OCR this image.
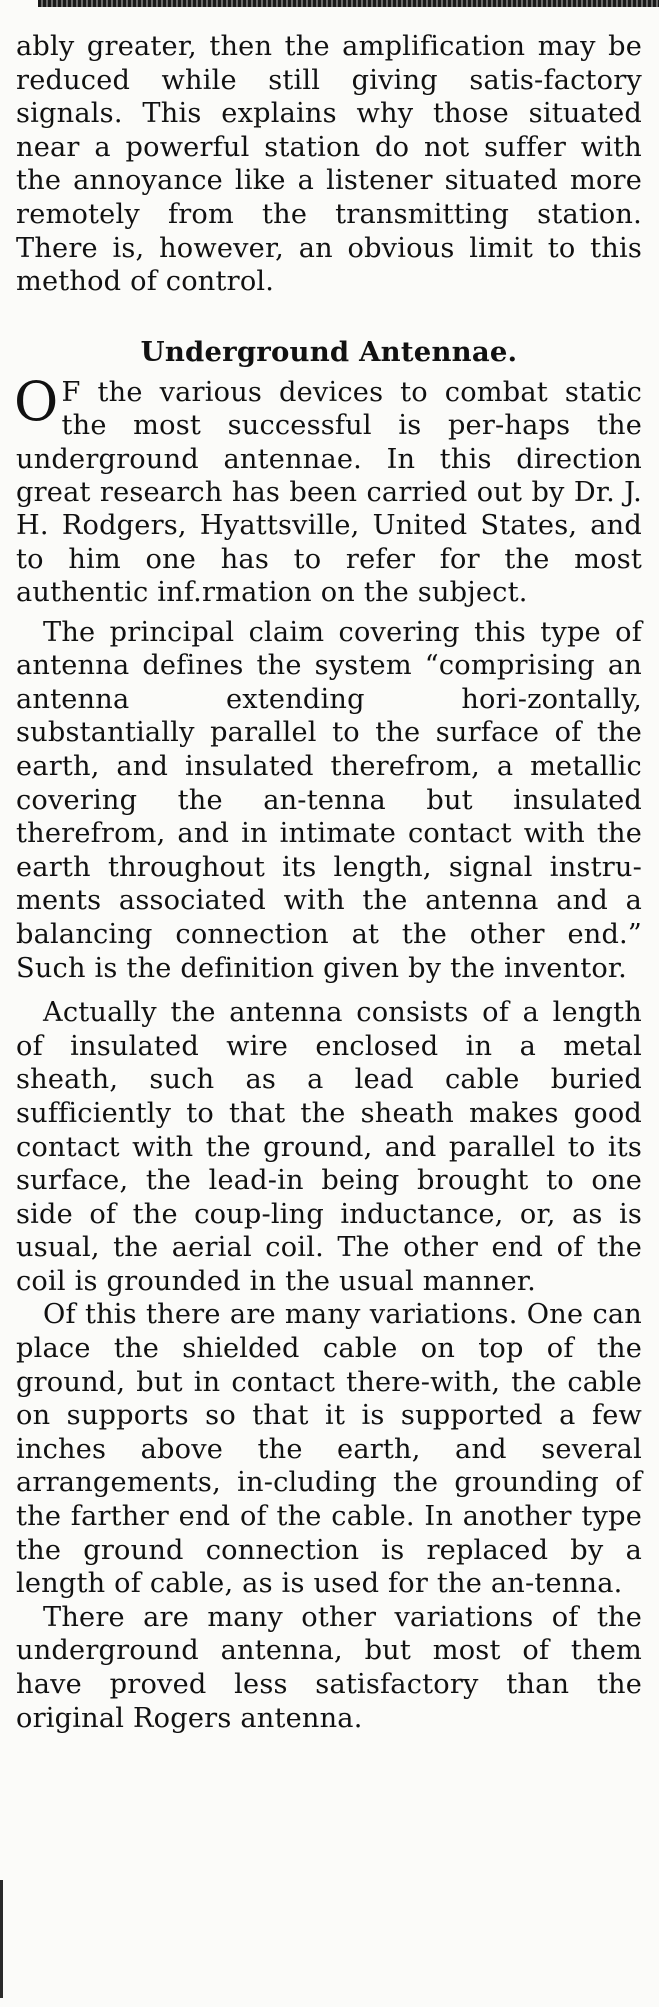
ably greater, then the amplification may be reduced while still giving satis-factory signals. This explains why those situated near a powerful station do not suffer with the annoyance like a listener situated more remotely from the transmitting station. There is, however, an obvious limit to this method of control.

Underground Antennae.

O F the various devices to combat static the most successful is per-haps the underground antennae. In this direction great research has been carried out by Dr. J. H. Rodgers, Hyattsville, United States, and to him one has to refer for the most authentic inf.rmation on the subject.

The principal claim covering this type of antenna defines the system “comprising an antenna extending hori-zontally, substantially parallel to the surface of the earth, and insulated therefrom, a metallic covering the an-tenna but insulated therefrom, and in intimate contact with the earth throughout its length, signal instru-ments associated with the antenna and a balancing connection at the other end.” Such is the definition given by the inventor.

Actually the antenna consists of a length of insulated wire enclosed in a metal sheath, such as a lead cable buried sufficiently to that the sheath makes good contact with the ground, and parallel to its surface, the lead-in being brought to one side of the coup-ling inductance, or, as is usual, the aerial coil. The other end of the coil is grounded in the usual manner.

Of this there are many variations. One can place the shielded cable on top of the ground, but in contact there-with, the cable on supports so that it is supported a few inches above the earth, and several arrangements, in-cluding the grounding of the farther end of the cable. In another type the ground connection is replaced by a length of cable, as is used for the an-tenna.

There are many other variations of the underground antenna, but most of them have proved less satisfactory than the original Rogers antenna.
